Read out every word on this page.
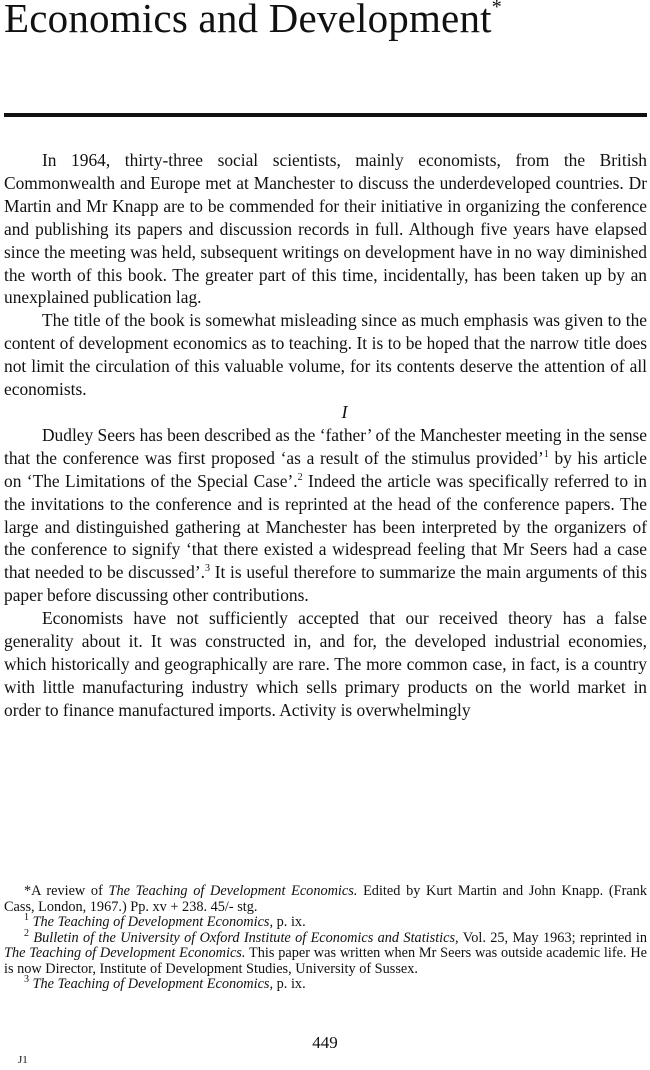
Economics and Development*

In 1964, thirty-three social scientists, mainly economists, from the British Commonwealth and Europe met at Manchester to discuss the underdeveloped countries. Dr Martin and Mr Knapp are to be commended for their initiative in organizing the conference and publishing its papers and discussion records in full. Although five years have elapsed since the meeting was held, subsequent writings on development have in no way diminished the worth of this book. The greater part of this time, incidentally, has been taken up by an unexplained publication lag.

The title of the book is somewhat misleading since as much emphasis was given to the content of development economics as to teaching. It is to be hoped that the narrow title does not limit the circulation of this valuable volume, for its contents deserve the attention of all economists.

I

Dudley Seers has been described as the ‘father’ of the Manchester meeting in the sense that the conference was first proposed ‘as a result of the stimulus provided’$^1$ by his article on ‘The Limitations of the Special Case’.$^2$ Indeed the article was specifically referred to in the invitations to the conference and is reprinted at the head of the conference papers. The large and distinguished gathering at Manchester has been interpreted by the organizers of the conference to signify ‘that there existed a widespread feeling that Mr Seers had a case that needed to be discussed’.$^3$ It is useful therefore to summarize the main arguments of this paper before discussing other contributions.

Economists have not sufficiently accepted that our received theory has a false generality about it. It was constructed in, and for, the developed industrial economies, which historically and geographically are rare. The more common case, in fact, is a country with little manufacturing industry which sells primary products on the world market in order to finance manufactured imports. Activity is overwhelmingly

*A review of The Teaching of Development Economics. Edited by Kurt Martin and John Knapp. (Frank Cass, London, 1967.) Pp. xv + 238. 45/- stg.

$^1$ The Teaching of Development Economics, p. ix.

$^2$ Bulletin of the University of Oxford Institute of Economics and Statistics, Vol. 25, May 1963; reprinted in The Teaching of Development Economics. This paper was written when Mr Seers was outside academic life. He is now Director, Institute of Development Studies, University of Sussex.

$^3$ The Teaching of Development Economics, p. ix.

449
J1
